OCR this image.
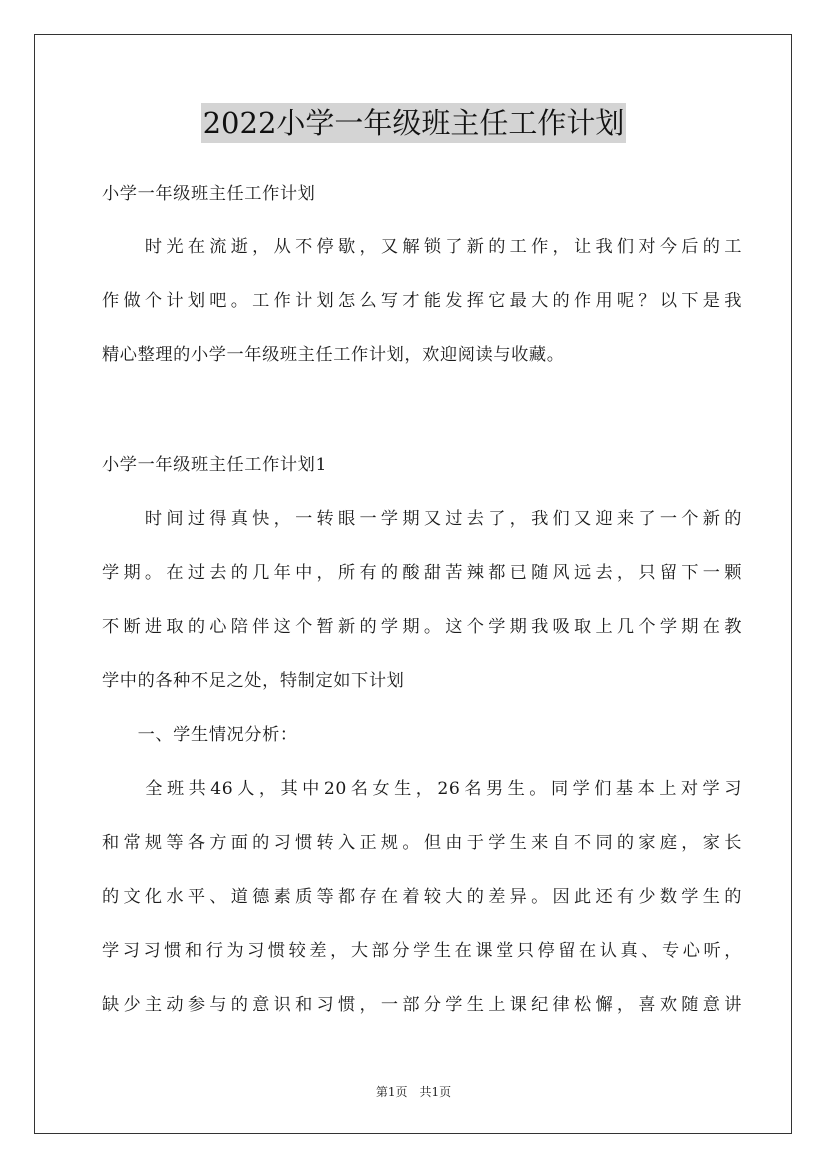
2022小学一年级班主任工作计划
小学一年级班主任工作计划
　　时光在流逝，从不停歇，又解锁了新的工作，让我们对今后的工
作做个计划吧。工作计划怎么写才能发挥它最大的作用呢？以下是我
精心整理的小学一年级班主任工作计划，欢迎阅读与收藏。
小学一年级班主任工作计划1
　　时间过得真快，一转眼一学期又过去了，我们又迎来了一个新的
学期。在过去的几年中，所有的酸甜苦辣都已随风远去，只留下一颗
不断进取的心陪伴这个暂新的学期。这个学期我吸取上几个学期在教
学中的各种不足之处，特制定如下计划
　　一、学生情况分析：
　　全班共46人，其中20名女生，26名男生。同学们基本上对学习
和常规等各方面的习惯转入正规。但由于学生来自不同的家庭，家长
的文化水平、道德素质等都存在着较大的差异。因此还有少数学生的
学习习惯和行为习惯较差，大部分学生在课堂只停留在认真、专心听，
缺少主动参与的意识和习惯，一部分学生上课纪律松懈，喜欢随意讲
第1页　共1页
